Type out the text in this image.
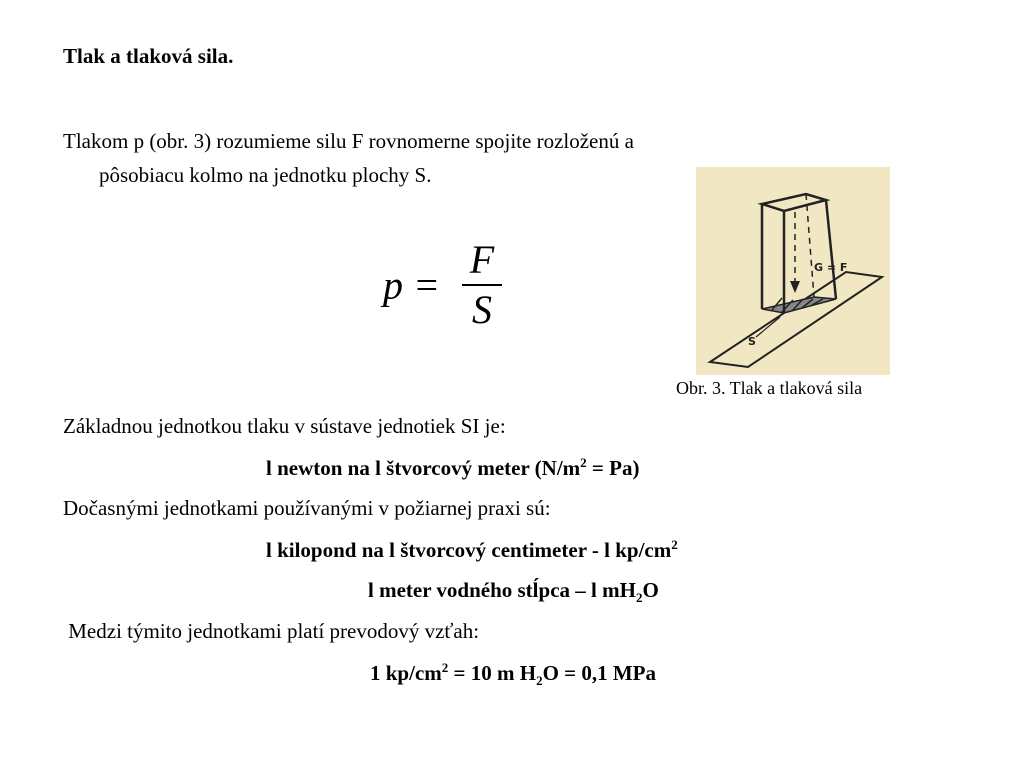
Tlak a tlaková sila.
Tlakom p (obr. 3) rozumieme silu F rovnomerne spojite rozloženú a
pôsobiacu kolmo na jednotku plochy S.
$p = \frac{F}{S}$	G = F
S
Obr. 3. Tlak a tlaková sila
Základnou jednotkou tlaku v sústave jednotiek SI je:
l newton na l štvorcový meter $(N/m^2 = Pa)$
Dočasnými jednotkami používanými v požiarnej praxi sú:
l kilopond na l štvorcový centimeter - l $kp/cm^2$
l meter vodného stĺpca – l $mH_2O$
Medzi týmito jednotkami platí prevodový vzťah:
1 $kp/cm^2 = 10$ m $H_2O = 0,1$ MPa
